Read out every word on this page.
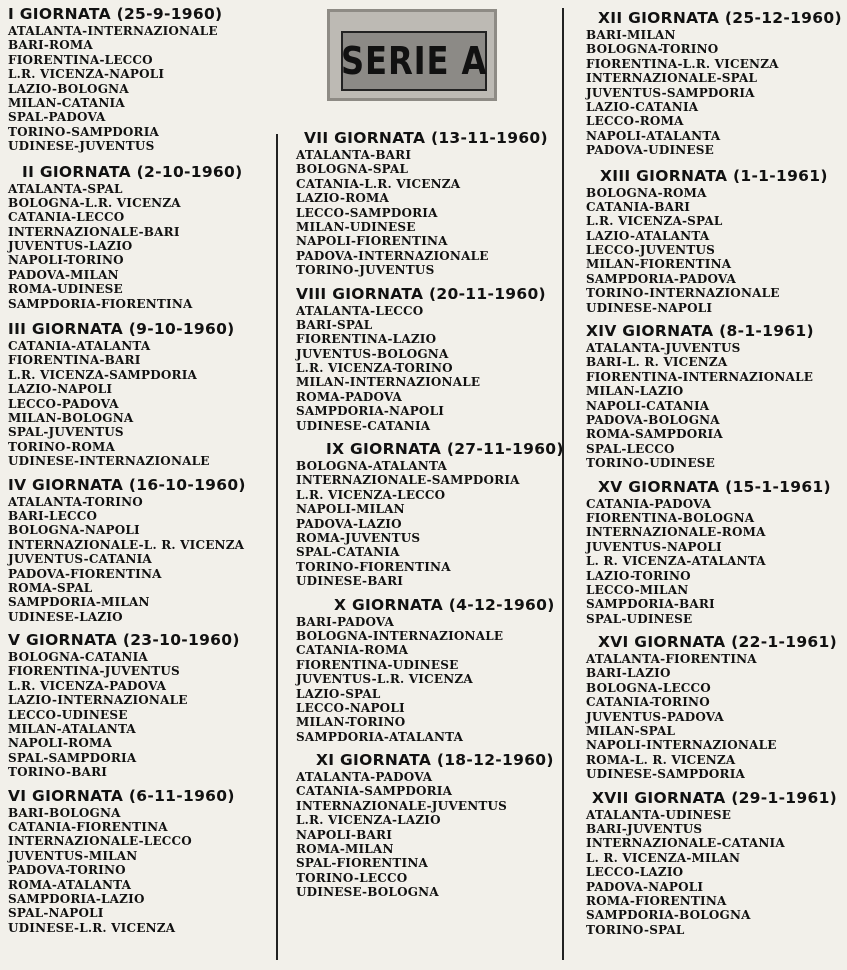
SERIE A
I GIORNATA (25-9-1960)
ATALANTA-INTERNAZIONALE
BARI-ROMA
FIORENTINA-LECCO
L.R. VICENZA-NAPOLI
LAZIO-BOLOGNA
MILAN-CATANIA
SPAL-PADOVA
TORINO-SAMPDORIA
UDINESE-JUVENTUS
II GIORNATA (2-10-1960)
ATALANTA-SPAL
BOLOGNA-L.R. VICENZA
CATANIA-LECCO
INTERNAZIONALE-BARI
JUVENTUS-LAZIO
NAPOLI-TORINO
PADOVA-MILAN
ROMA-UDINESE
SAMPDORIA-FIORENTINA
III GIORNATA (9-10-1960)
CATANIA-ATALANTA
FIORENTINA-BARI
L.R. VICENZA-SAMPDORIA
LAZIO-NAPOLI
LECCO-PADOVA
MILAN-BOLOGNA
SPAL-JUVENTUS
TORINO-ROMA
UDINESE-INTERNAZIONALE
IV GIORNATA (16-10-1960)
ATALANTA-TORINO
BARI-LECCO
BOLOGNA-NAPOLI
INTERNAZIONALE-L. R. VICENZA
JUVENTUS-CATANIA
PADOVA-FIORENTINA
ROMA-SPAL
SAMPDORIA-MILAN
UDINESE-LAZIO
V GIORNATA (23-10-1960)
BOLOGNA-CATANIA
FIORENTINA-JUVENTUS
L.R. VICENZA-PADOVA
LAZIO-INTERNAZIONALE
LECCO-UDINESE
MILAN-ATALANTA
NAPOLI-ROMA
SPAL-SAMPDORIA
TORINO-BARI
VI GIORNATA (6-11-1960)
BARI-BOLOGNA
CATANIA-FIORENTINA
INTERNAZIONALE-LECCO
JUVENTUS-MILAN
PADOVA-TORINO
ROMA-ATALANTA
SAMPDORIA-LAZIO
SPAL-NAPOLI
UDINESE-L.R. VICENZA
VII GIORNATA (13-11-1960)
ATALANTA-BARI
BOLOGNA-SPAL
CATANIA-L.R. VICENZA
LAZIO-ROMA
LECCO-SAMPDORIA
MILAN-UDINESE
NAPOLI-FIORENTINA
PADOVA-INTERNAZIONALE
TORINO-JUVENTUS
VIII GIORNATA (20-11-1960)
ATALANTA-LECCO
BARI-SPAL
FIORENTINA-LAZIO
JUVENTUS-BOLOGNA
L.R. VICENZA-TORINO
MILAN-INTERNAZIONALE
ROMA-PADOVA
SAMPDORIA-NAPOLI
UDINESE-CATANIA
IX GIORNATA (27-11-1960)
BOLOGNA-ATALANTA
INTERNAZIONALE-SAMPDORIA
L.R. VICENZA-LECCO
NAPOLI-MILAN
PADOVA-LAZIO
ROMA-JUVENTUS
SPAL-CATANIA
TORINO-FIORENTINA
UDINESE-BARI
X GIORNATA (4-12-1960)
BARI-PADOVA
BOLOGNA-INTERNAZIONALE
CATANIA-ROMA
FIORENTINA-UDINESE
JUVENTUS-L.R. VICENZA
LAZIO-SPAL
LECCO-NAPOLI
MILAN-TORINO
SAMPDORIA-ATALANTA
XI GIORNATA (18-12-1960)
ATALANTA-PADOVA
CATANIA-SAMPDORIA
INTERNAZIONALE-JUVENTUS
L.R. VICENZA-LAZIO
NAPOLI-BARI
ROMA-MILAN
SPAL-FIORENTINA
TORINO-LECCO
UDINESE-BOLOGNA
XII GIORNATA (25-12-1960)
BARI-MILAN
BOLOGNA-TORINO
FIORENTINA-L.R. VICENZA
INTERNAZIONALE-SPAL
JUVENTUS-SAMPDORIA
LAZIO-CATANIA
LECCO-ROMA
NAPOLI-ATALANTA
PADOVA-UDINESE
XIII GIORNATA (1-1-1961)
BOLOGNA-ROMA
CATANIA-BARI
L.R. VICENZA-SPAL
LAZIO-ATALANTA
LECCO-JUVENTUS
MILAN-FIORENTINA
SAMPDORIA-PADOVA
TORINO-INTERNAZIONALE
UDINESE-NAPOLI
XIV GIORNATA (8-1-1961)
ATALANTA-JUVENTUS
BARI-L. R. VICENZA
FIORENTINA-INTERNAZIONALE
MILAN-LAZIO
NAPOLI-CATANIA
PADOVA-BOLOGNA
ROMA-SAMPDORIA
SPAL-LECCO
TORINO-UDINESE
XV GIORNATA (15-1-1961)
CATANIA-PADOVA
FIORENTINA-BOLOGNA
INTERNAZIONALE-ROMA
JUVENTUS-NAPOLI
L. R. VICENZA-ATALANTA
LAZIO-TORINO
LECCO-MILAN
SAMPDORIA-BARI
SPAL-UDINESE
XVI GIORNATA (22-1-1961)
ATALANTA-FIORENTINA
BARI-LAZIO
BOLOGNA-LECCO
CATANIA-TORINO
JUVENTUS-PADOVA
MILAN-SPAL
NAPOLI-INTERNAZIONALE
ROMA-L. R. VICENZA
UDINESE-SAMPDORIA
XVII GIORNATA (29-1-1961)
ATALANTA-UDINESE
BARI-JUVENTUS
INTERNAZIONALE-CATANIA
L. R. VICENZA-MILAN
LECCO-LAZIO
PADOVA-NAPOLI
ROMA-FIORENTINA
SAMPDORIA-BOLOGNA
TORINO-SPAL
